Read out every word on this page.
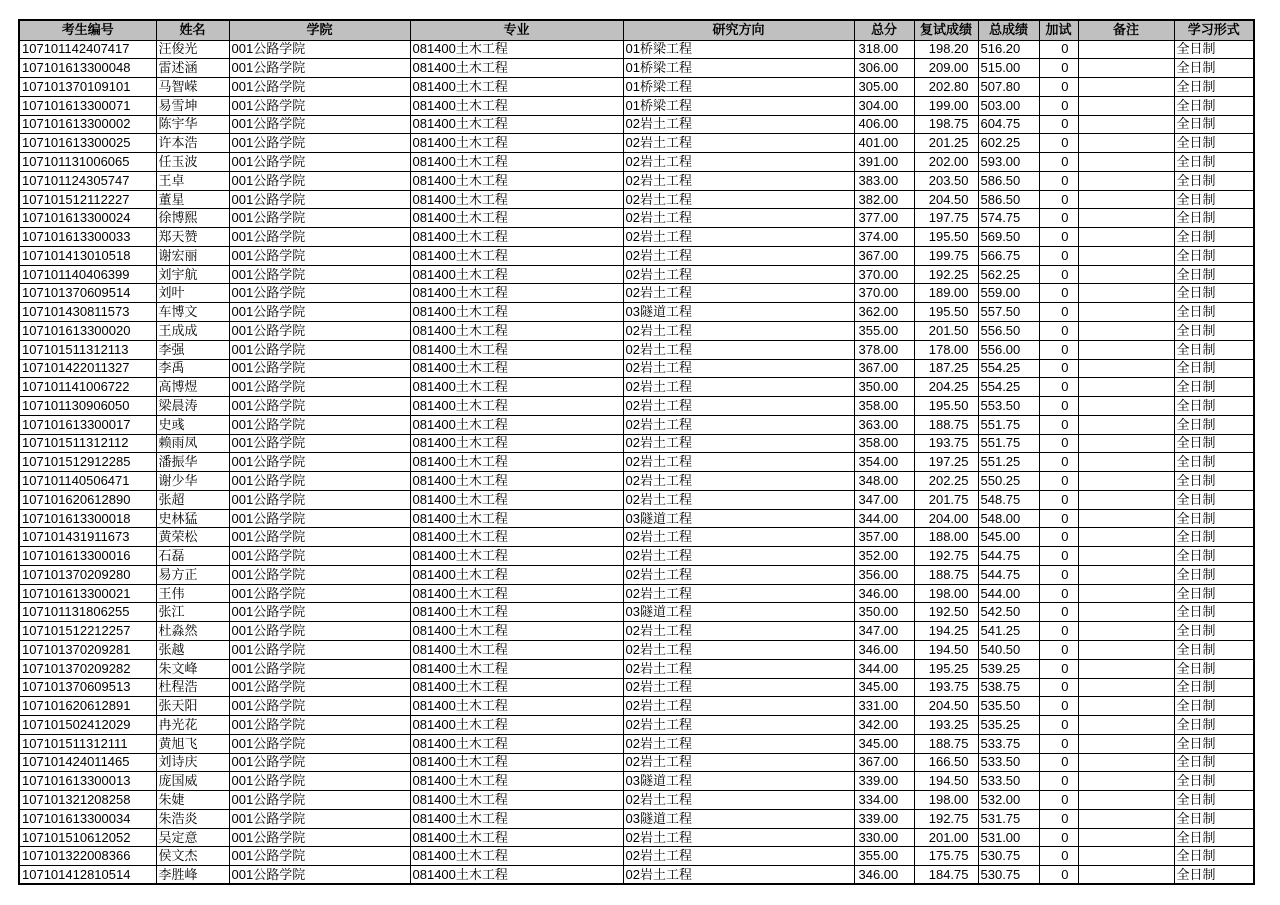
考生编号	姓名	学院	专业	研究方向	总分	复试成绩	总成绩	加试	备注	学习形式
107101142407417	汪俊光	001公路学院	081400土木工程	01桥梁工程	318.00	198.20	516.20	0		全日制
107101613300048	雷述涵	001公路学院	081400土木工程	01桥梁工程	306.00	209.00	515.00	0		全日制
107101370109101	马智嵘	001公路学院	081400土木工程	01桥梁工程	305.00	202.80	507.80	0		全日制
107101613300071	易雪坤	001公路学院	081400土木工程	01桥梁工程	304.00	199.00	503.00	0		全日制
107101613300002	陈宇华	001公路学院	081400土木工程	02岩土工程	406.00	198.75	604.75	0		全日制
107101613300025	许本浩	001公路学院	081400土木工程	02岩土工程	401.00	201.25	602.25	0		全日制
107101131006065	任玉波	001公路学院	081400土木工程	02岩土工程	391.00	202.00	593.00	0		全日制
107101124305747	王卓	001公路学院	081400土木工程	02岩土工程	383.00	203.50	586.50	0		全日制
107101512112227	董星	001公路学院	081400土木工程	02岩土工程	382.00	204.50	586.50	0		全日制
107101613300024	徐博熙	001公路学院	081400土木工程	02岩土工程	377.00	197.75	574.75	0		全日制
107101613300033	郑天赞	001公路学院	081400土木工程	02岩土工程	374.00	195.50	569.50	0		全日制
107101413010518	谢宏丽	001公路学院	081400土木工程	02岩土工程	367.00	199.75	566.75	0		全日制
107101140406399	刘宇航	001公路学院	081400土木工程	02岩土工程	370.00	192.25	562.25	0		全日制
107101370609514	刘叶	001公路学院	081400土木工程	02岩土工程	370.00	189.00	559.00	0		全日制
107101430811573	车博文	001公路学院	081400土木工程	03隧道工程	362.00	195.50	557.50	0		全日制
107101613300020	王成成	001公路学院	081400土木工程	02岩土工程	355.00	201.50	556.50	0		全日制
107101511312113	李强	001公路学院	081400土木工程	02岩土工程	378.00	178.00	556.00	0		全日制
107101422011327	李禹	001公路学院	081400土木工程	02岩土工程	367.00	187.25	554.25	0		全日制
107101141006722	高博煜	001公路学院	081400土木工程	02岩土工程	350.00	204.25	554.25	0		全日制
107101130906050	梁晨涛	001公路学院	081400土木工程	02岩土工程	358.00	195.50	553.50	0		全日制
107101613300017	史彧	001公路学院	081400土木工程	02岩土工程	363.00	188.75	551.75	0		全日制
107101511312112	赖雨凤	001公路学院	081400土木工程	02岩土工程	358.00	193.75	551.75	0		全日制
107101512912285	潘振华	001公路学院	081400土木工程	02岩土工程	354.00	197.25	551.25	0		全日制
107101140506471	谢少华	001公路学院	081400土木工程	02岩土工程	348.00	202.25	550.25	0		全日制
107101620612890	张超	001公路学院	081400土木工程	02岩土工程	347.00	201.75	548.75	0		全日制
107101613300018	史林猛	001公路学院	081400土木工程	03隧道工程	344.00	204.00	548.00	0		全日制
107101431911673	黄荣松	001公路学院	081400土木工程	02岩土工程	357.00	188.00	545.00	0		全日制
107101613300016	石磊	001公路学院	081400土木工程	02岩土工程	352.00	192.75	544.75	0		全日制
107101370209280	易方正	001公路学院	081400土木工程	02岩土工程	356.00	188.75	544.75	0		全日制
107101613300021	王伟	001公路学院	081400土木工程	02岩土工程	346.00	198.00	544.00	0		全日制
107101131806255	张江	001公路学院	081400土木工程	03隧道工程	350.00	192.50	542.50	0		全日制
107101512212257	杜淼然	001公路学院	081400土木工程	02岩土工程	347.00	194.25	541.25	0		全日制
107101370209281	张越	001公路学院	081400土木工程	02岩土工程	346.00	194.50	540.50	0		全日制
107101370209282	朱文峰	001公路学院	081400土木工程	02岩土工程	344.00	195.25	539.25	0		全日制
107101370609513	杜程浩	001公路学院	081400土木工程	02岩土工程	345.00	193.75	538.75	0		全日制
107101620612891	张天阳	001公路学院	081400土木工程	02岩土工程	331.00	204.50	535.50	0		全日制
107101502412029	冉光花	001公路学院	081400土木工程	02岩土工程	342.00	193.25	535.25	0		全日制
107101511312111	黄旭飞	001公路学院	081400土木工程	02岩土工程	345.00	188.75	533.75	0		全日制
107101424011465	刘诗庆	001公路学院	081400土木工程	02岩土工程	367.00	166.50	533.50	0		全日制
107101613300013	庞国威	001公路学院	081400土木工程	03隧道工程	339.00	194.50	533.50	0		全日制
107101321208258	朱婕	001公路学院	081400土木工程	02岩土工程	334.00	198.00	532.00	0		全日制
107101613300034	朱浩炎	001公路学院	081400土木工程	03隧道工程	339.00	192.75	531.75	0		全日制
107101510612052	吴定意	001公路学院	081400土木工程	02岩土工程	330.00	201.00	531.00	0		全日制
107101322008366	侯文杰	001公路学院	081400土木工程	02岩土工程	355.00	175.75	530.75	0		全日制
107101412810514	李胜峰	001公路学院	081400土木工程	02岩土工程	346.00	184.75	530.75	0		全日制
